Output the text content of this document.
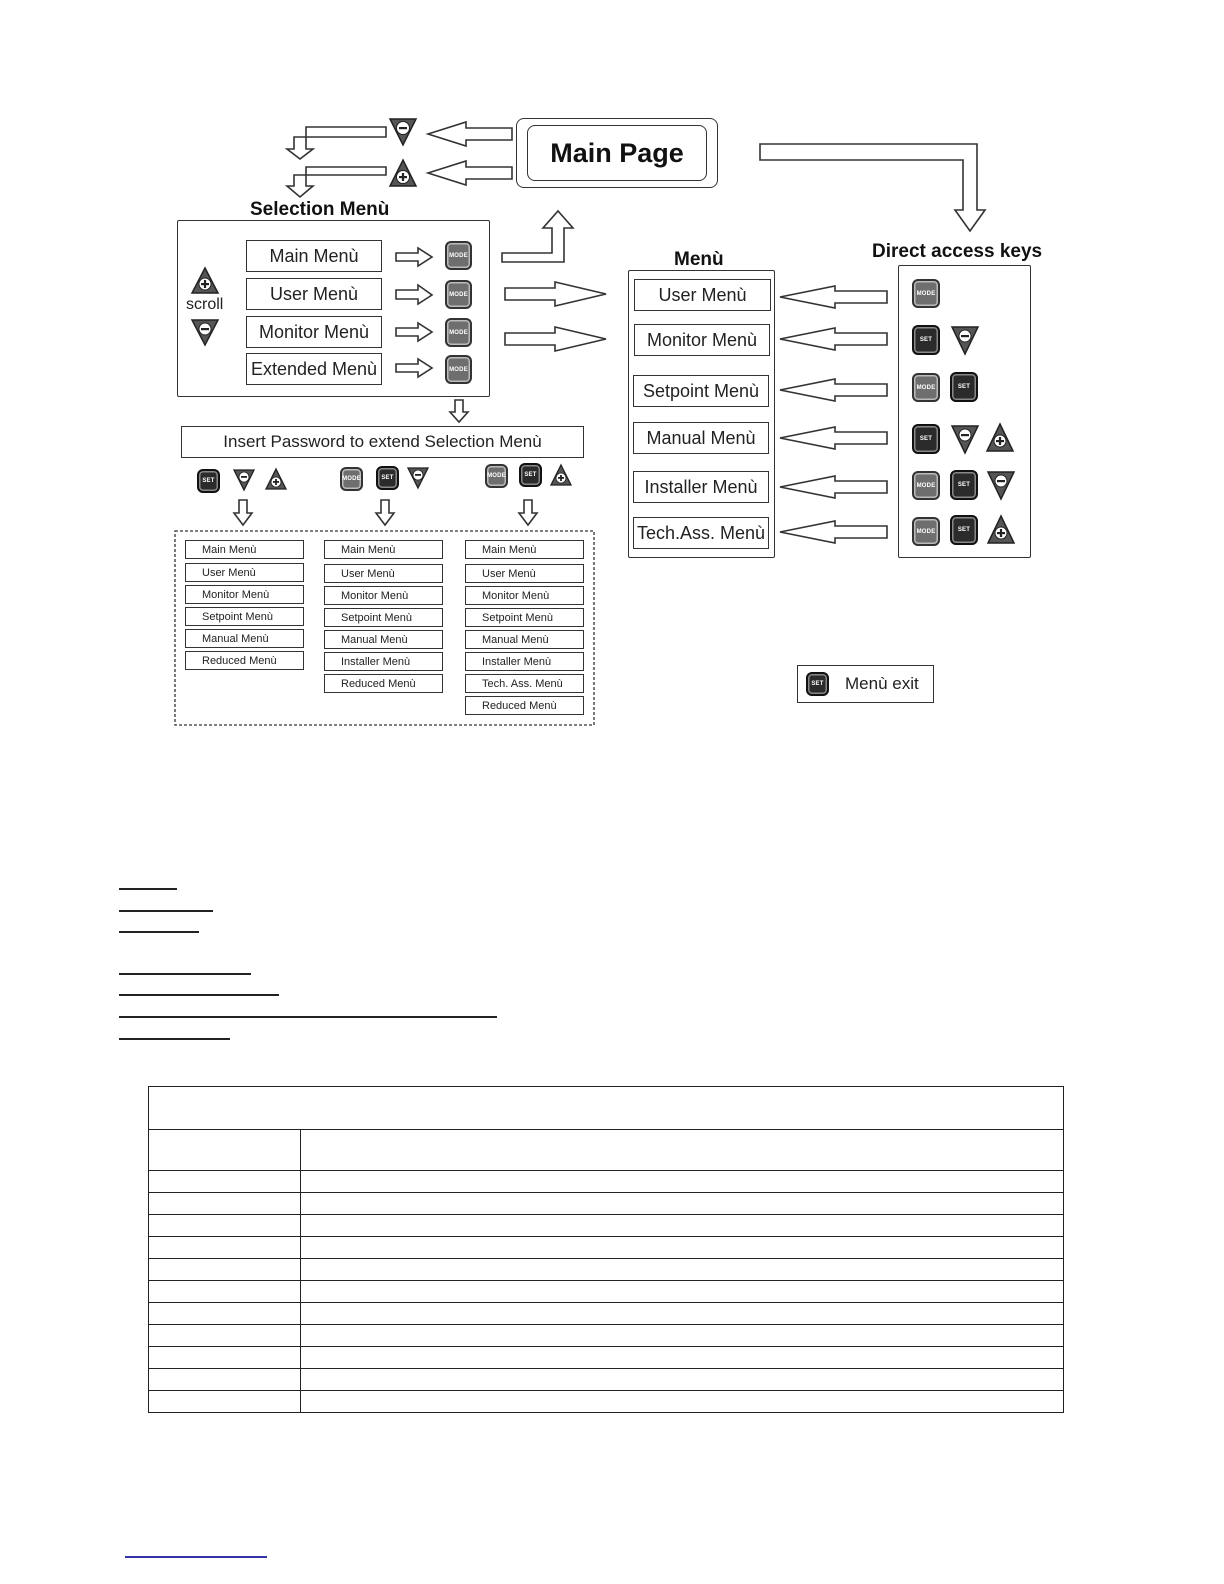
Main Page
Selection Menù
scroll
Main Menù
User Menù
Monitor Menù
Extended Menù
MODE
MODE
MODE
MODE
Insert Password to extend Selection Menù
SET	MODE	SET	MODE	SET
Main Menù
User Menù
Monitor Menù
Setpoint Menù
Manual Menù
Reduced Menù
Main Menù
User Menù
Monitor Menù
Setpoint Menù
Manual Menù
Installer Menù
Reduced Menù
Main Menù
User Menù
Monitor Menù
Setpoint Menù
Manual Menù
Installer Menù
Tech. Ass. Menù
Reduced Menù
Menù
User Menù
Monitor Menù
Setpoint Menù
Manual Menù
Installer Menù
Tech.Ass. Menù
Direct access keys
MODE
SET
MODE	SET
SET
MODE	SET
MODE	SET
SET	Menù exit
